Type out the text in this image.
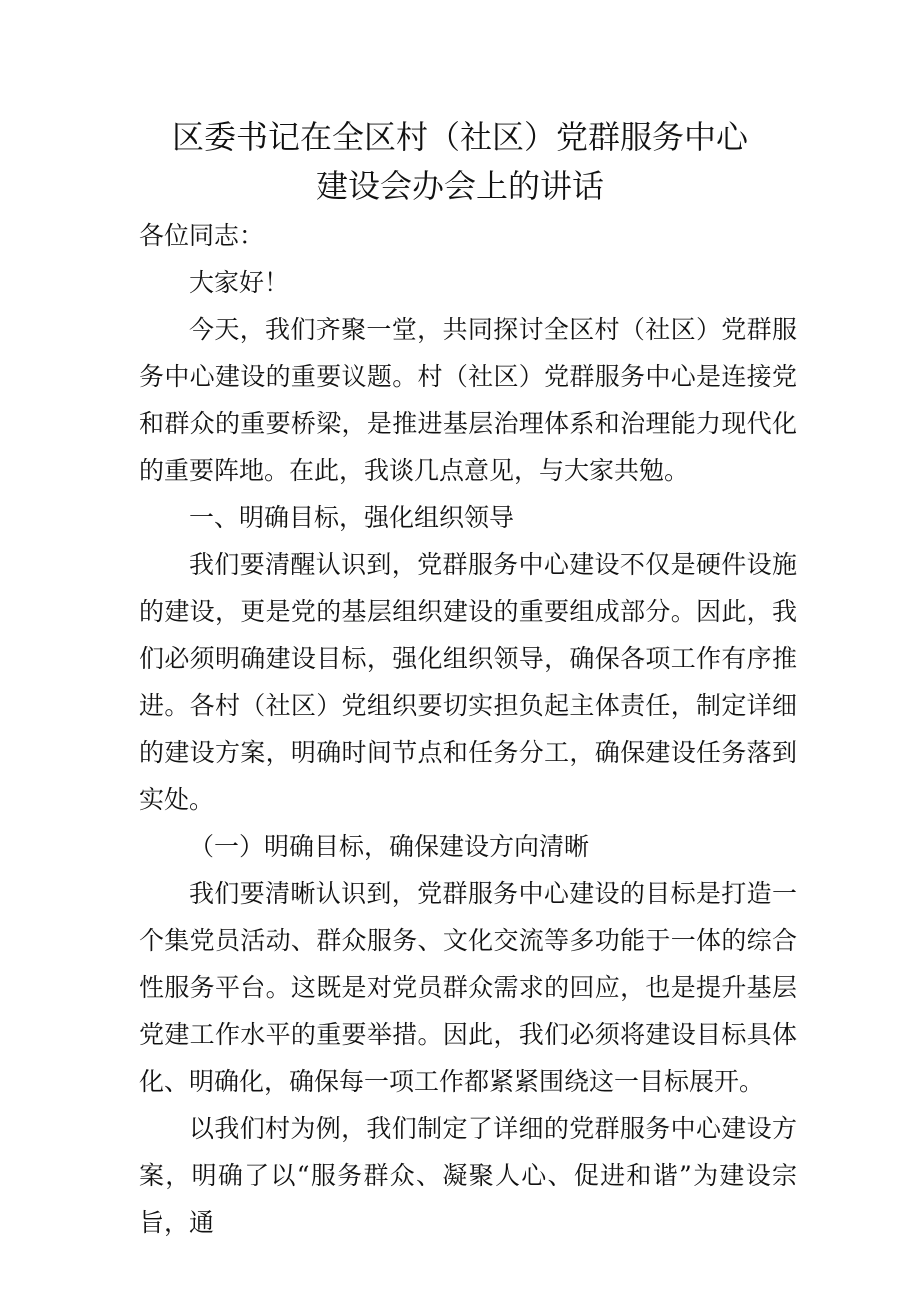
区委书记在全区村（社区）党群服务中心
建设会办会上的讲话

各位同志：

大家好！

今天，我们齐聚一堂，共同探讨全区村（社区）党群服务中心建设的重要议题。村（社区）党群服务中心是连接党和群众的重要桥梁，是推进基层治理体系和治理能力现代化的重要阵地。在此，我谈几点意见，与大家共勉。

一、明确目标，强化组织领导

我们要清醒认识到，党群服务中心建设不仅是硬件设施的建设，更是党的基层组织建设的重要组成部分。因此，我们必须明确建设目标，强化组织领导，确保各项工作有序推进。各村（社区）党组织要切实担负起主体责任，制定详细的建设方案，明确时间节点和任务分工，确保建设任务落到实处。

（一）明确目标，确保建设方向清晰

我们要清晰认识到，党群服务中心建设的目标是打造一个集党员活动、群众服务、文化交流等多功能于一体的综合性服务平台。这既是对党员群众需求的回应，也是提升基层党建工作水平的重要举措。因此，我们必须将建设目标具体化、明确化，确保每一项工作都紧紧围绕这一目标展开。

以我们村为例，我们制定了详细的党群服务中心建设方案，明确了以“服务群众、凝聚人心、促进和谐”为建设宗旨，通
